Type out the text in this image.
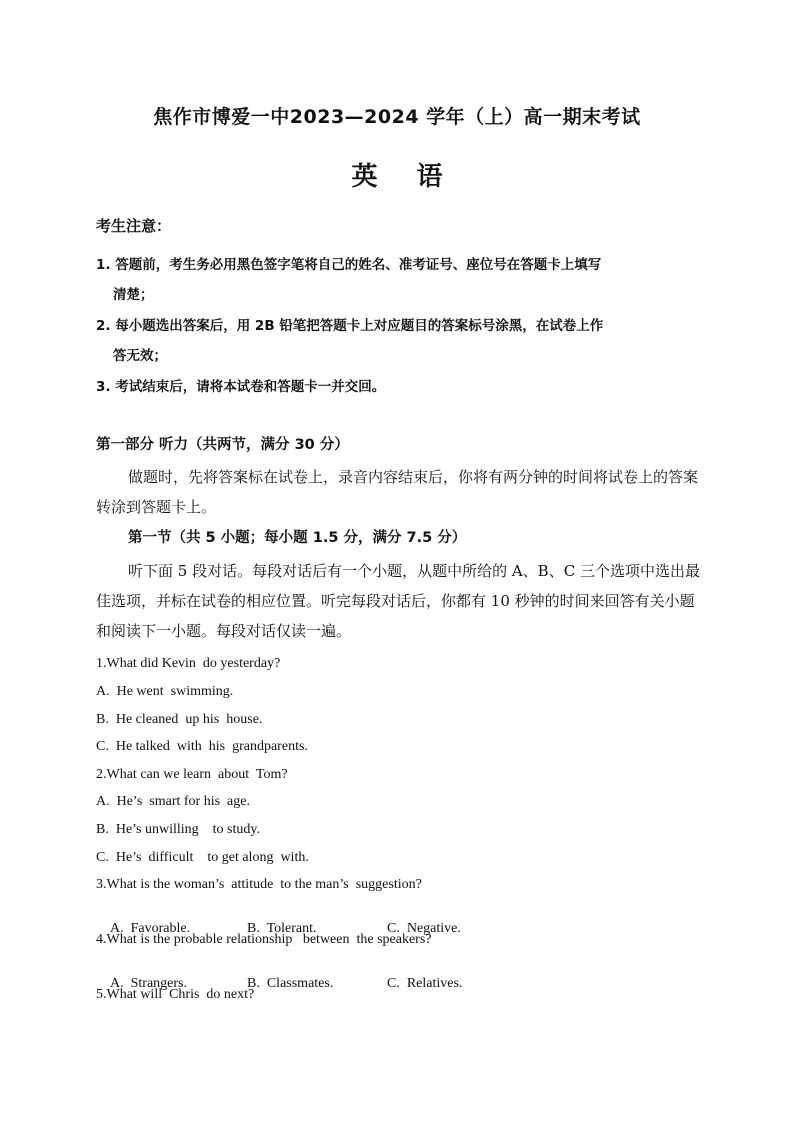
焦作市博爱一中2023—2024 学年（上）高一期末考试
英 语
考生注意：
1. 答题前，考生务必用黑色签字笔将自己的姓名、准考证号、座位号在答题卡上填写
清楚；
2. 每小题选出答案后，用 2B 铅笔把答题卡上对应题目的答案标号涂黑，在试卷上作
答无效；
3. 考试结束后，请将本试卷和答题卡一并交回。
第一部分 听力（共两节，满分 30 分）
做题时，先将答案标在试卷上，录音内容结束后，你将有两分钟的时间将试卷上的答案转涂到答题卡上。
第一节（共 5 小题；每小题 1.5 分，满分 7.5 分）
听下面 5 段对话。每段对话后有一个小题，从题中所给的 A、B、C 三个选项中选出最佳选项，并标在试卷的相应位置。听完每段对话后，你都有 10 秒钟的时间来回答有关小题和阅读下一小题。每段对话仅读一遍。
1.What did Kevin  do yesterday?
A.  He went  swimming.
B.  He cleaned  up his  house.
C.  He talked  with  his  grandparents.
2.What can we learn  about  Tom?
A.  He’s  smart for his  age.
B.  He’s unwilling    to study.
C.  He’s  difficult    to get along  with.
3.What is the woman’s  attitude  to the man’s  suggestion?

A.  Favorable.	B.  Tolerant.	C.  Negative.

4.What is the probable relationship   between  the speakers?

A.  Strangers.	B.  Classmates.	C.  Relatives.

5.What will  Chris  do next?
